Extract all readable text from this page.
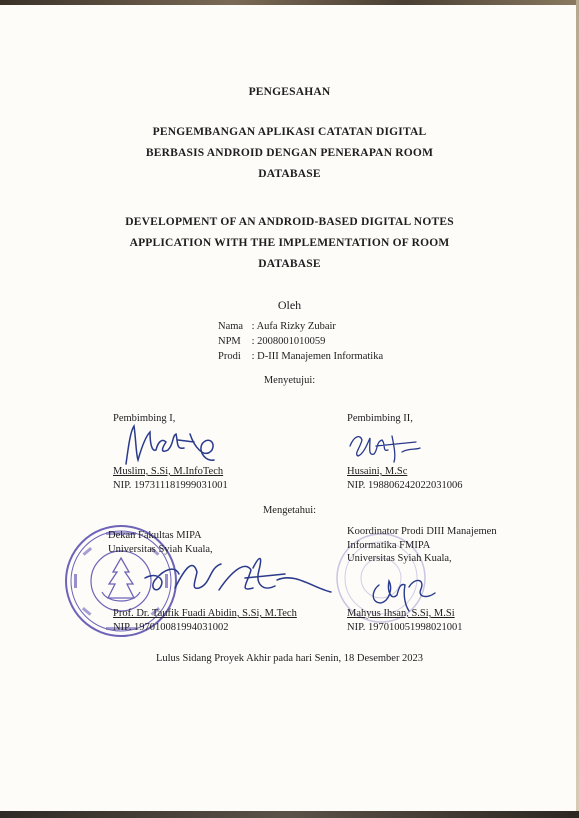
PENGESAHAN
PENGEMBANGAN APLIKASI CATATAN DIGITAL
BERBASIS ANDROID DENGAN PENERAPAN ROOM
DATABASE
DEVELOPMENT OF AN ANDROID-BASED DIGITAL NOTES
APPLICATION WITH THE IMPLEMENTATION OF ROOM
DATABASE
Oleh
Nama : Aufa Rizky Zubair
NPM : 2008001010059
Prodi : D-III Manajemen Informatika
Menyetujui:
Pembimbing I,
Muslim, S.Si, M.InfoTech
NIP. 197311181999031001
Pembimbing II,
Husaini, M.Sc
NIP. 198806242022031006
Mengetahui:
Dekan Fakultas MIPA
Universitas Syiah Kuala,
Prof. Dr. Taufik Fuadi Abidin, S.Si, M.Tech
NIP. 197010081994031002
Koordinator Prodi DIII Manajemen
Informatika FMIPA
Universitas Syiah Kuala,
Mahyus Ihsan, S.Si, M.Si
NIP. 197010051998021001
Lulus Sidang Proyek Akhir pada hari Senin, 18 Desember 2023
